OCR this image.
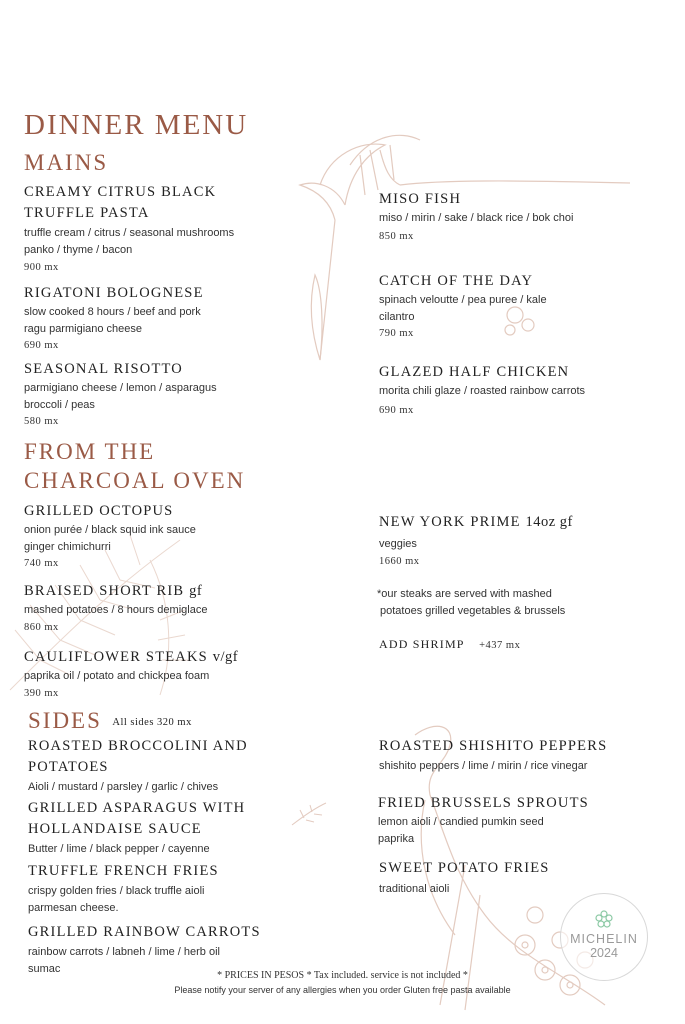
DINNER MENU
MAINS
CREAMY CITRUS BLACK
TRUFFLE PASTA
truffle cream / citrus / seasonal mushrooms
panko / thyme / bacon
900 mx
RIGATONI BOLOGNESE
slow cooked 8 hours / beef and pork
ragu parmigiano cheese
690 mx
SEASONAL RISOTTO
parmigiano cheese / lemon / asparagus
broccoli / peas
580 mx
MISO FISH
miso / mirin / sake / black rice / bok choi
850 mx
CATCH OF THE DAY
spinach veloutte / pea puree / kale
cilantro
790 mx
GLAZED HALF CHICKEN
morita chili glaze / roasted rainbow carrots
690 mx
FROM THE
CHARCOAL OVEN
GRILLED OCTOPUS
onion purée / black squid ink sauce
ginger chimichurri
740 mx
BRAISED SHORT RIB gf
mashed potatoes / 8 hours demiglace
860 mx
CAULIFLOWER STEAKS v/gf
paprika oil / potato and chickpea foam
390 mx
NEW YORK PRIME 14oz gf
veggies
1660 mx
*our steaks are served with mashed
potatoes grilled vegetables & brussels
ADD SHRIMP +437 mx
SIDES All sides 320 mx
ROASTED BROCCOLINI AND
POTATOES
Aioli / mustard / parsley / garlic / chives
GRILLED ASPARAGUS WITH
HOLLANDAISE SAUCE
Butter / lime / black pepper / cayenne
TRUFFLE FRENCH FRIES
crispy golden fries / black truffle aioli
parmesan cheese.
GRILLED RAINBOW CARROTS
rainbow carrots / labneh / lime / herb oil
sumac
ROASTED SHISHITO PEPPERS
shishito peppers / lime / mirin / rice vinegar
FRIED BRUSSELS SPROUTS
lemon aioli / candied pumkin seed
paprika
SWEET POTATO FRIES
traditional aioli
MICHELIN
2024
* PRICES IN PESOS * Tax included. service is not included *
Please notify your server of any allergies when you order Gluten free pasta available
